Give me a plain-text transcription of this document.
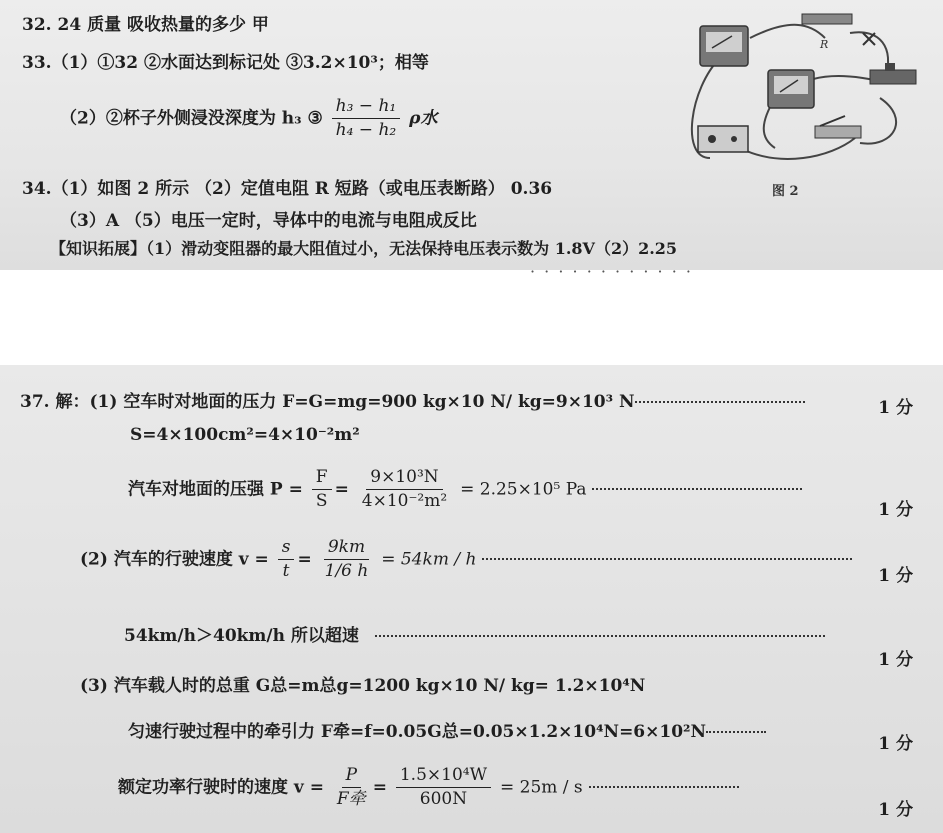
32. 24 质量 吸收热量的多少 甲
33.（1）①32 ②水面达到标记处 ③3.2×10³；相等
（2）②杯子外侧浸没深度为 h₃ ③ $\frac{\text{h₃ − h₁}}{\text{h₄ − h₂}}$ ρ水
34.（1）如图 2 所示 （2）定值电阻 R 短路（或电压表断路） 0.36
（3）A （5）电压一定时，导体中的电流与电阻成反比
【知识拓展】（1）滑动变阻器的最大阻值过小，无法保持电压表示数为 1.8V（2）2.25
· · · · · · · · · · · ·
R
图 2
37. 解：(1) 空车时对地面的压力 F=G=mg=900 kg×10 N/ kg=9×10³ N	1 分
S=4×100cm²=4×10⁻²m²
汽车对地面的压强 $P = \frac{F}{S} = \frac{\text{9×10³N}}{\text{4×10⁻²m²}} = 2.25\times 10^5$ Pa
1 分
(2) 汽车的行驶速度 $v = \frac{s}{t} = \frac{9km}{1/6 h} = 54km / h$
1 分
54km/h＞40km/h 所以超速
1 分
(3) 汽车载人时的总重 G总=m总g=1200 kg×10 N/ kg= 1.2×10⁴N
匀速行驶过程中的牵引力 F牵=f=0.05G总=0.05×1.2×10⁴N=6×10²N
1 分
额定功率行驶时的速度 $v = \frac{P}{\text{F牵}} = \frac{\text{1.5×10⁴W}}{600N} = 25m / s$
1 分
